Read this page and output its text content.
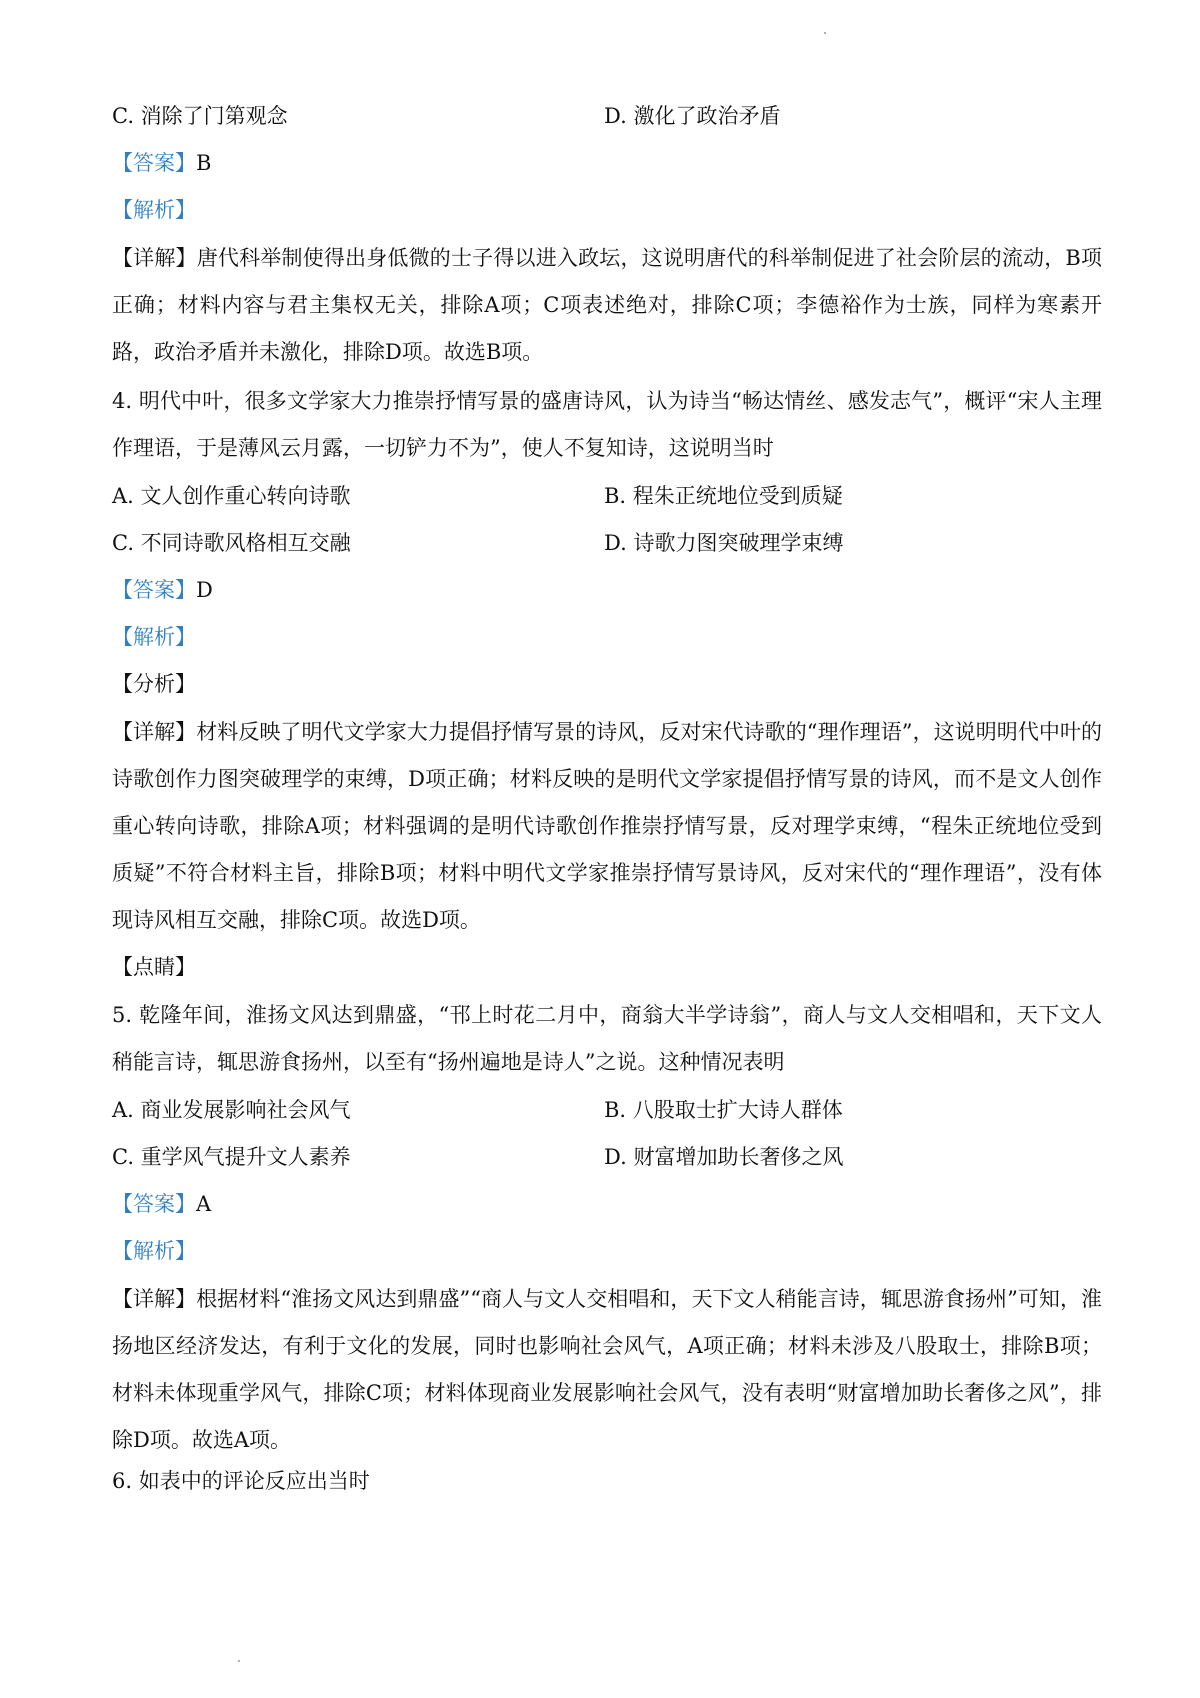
C. 消除了门第观念	D. 激化了政治矛盾
【答案】B
【解析】
【详解】唐代科举制使得出身低微的士子得以进入政坛，这说明唐代的科举制促进了社会阶层的流动，B项正确；材料内容与君主集权无关，排除A项；C项表述绝对，排除C项；李德裕作为士族，同样为寒素开路，政治矛盾并未激化，排除D项。故选B项。
4. 明代中叶，很多文学家大力推崇抒情写景的盛唐诗风，认为诗当“畅达情丝、感发志气”，概评“宋人主理作理语，于是薄风云月露，一切铲力不为”，使人不复知诗，这说明当时
A. 文人创作重心转向诗歌	B. 程朱正统地位受到质疑
C. 不同诗歌风格相互交融	D. 诗歌力图突破理学束缚
【答案】D
【解析】
【分析】
【详解】材料反映了明代文学家大力提倡抒情写景的诗风，反对宋代诗歌的“理作理语”，这说明明代中叶的诗歌创作力图突破理学的束缚，D项正确；材料反映的是明代文学家提倡抒情写景的诗风，而不是文人创作重心转向诗歌，排除A项；材料强调的是明代诗歌创作推崇抒情写景，反对理学束缚，“程朱正统地位受到质疑”不符合材料主旨，排除B项；材料中明代文学家推崇抒情写景诗风，反对宋代的“理作理语”，没有体现诗风相互交融，排除C项。故选D项。
【点睛】
5. 乾隆年间，淮扬文风达到鼎盛，“邗上时花二月中，商翁大半学诗翁”，商人与文人交相唱和，天下文人稍能言诗，辄思游食扬州，以至有“扬州遍地是诗人”之说。这种情况表明
A. 商业发展影响社会风气	B. 八股取士扩大诗人群体
C. 重学风气提升文人素养	D. 财富增加助长奢侈之风
【答案】A
【解析】
【详解】根据材料“淮扬文风达到鼎盛”“商人与文人交相唱和，天下文人稍能言诗，辄思游食扬州”可知，淮扬地区经济发达，有利于文化的发展，同时也影响社会风气，A项正确；材料未涉及八股取士，排除B项；材料未体现重学风气，排除C项；材料体现商业发展影响社会风气，没有表明“财富增加助长奢侈之风”，排除D项。故选A项。
6. 如表中的评论反应出当时
